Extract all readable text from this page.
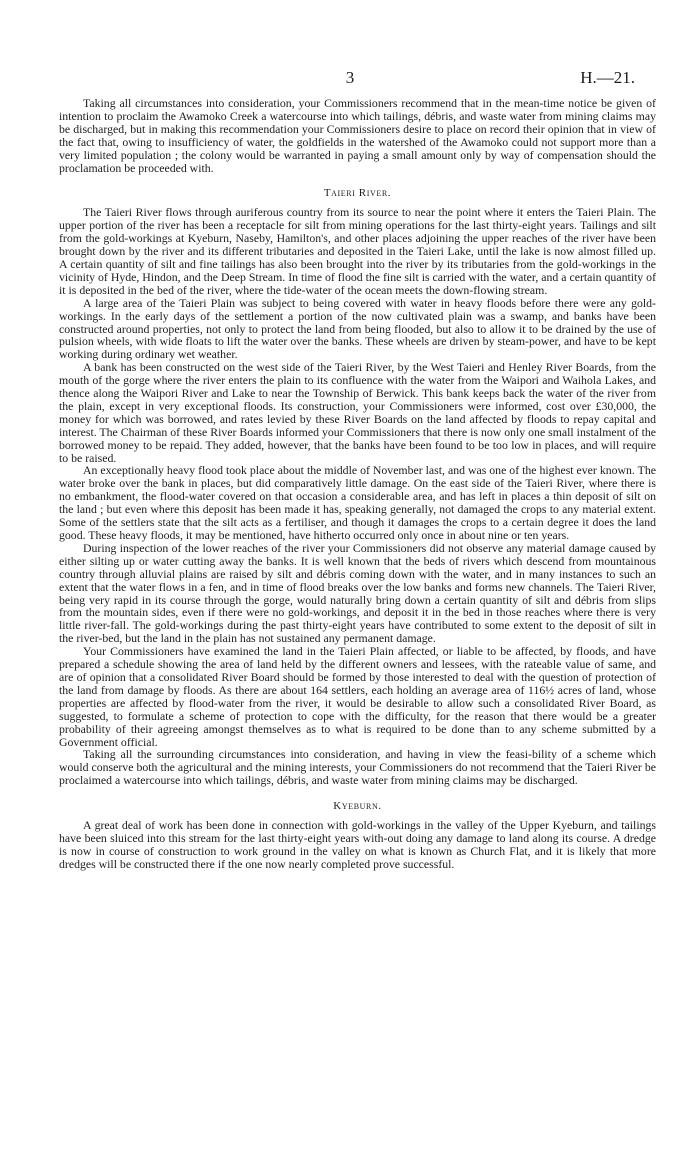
3	H.—21.

Taking all circumstances into consideration, your Commissioners recommend that in the mean-time notice be given of intention to proclaim the Awamoko Creek a watercourse into which tailings, débris, and waste water from mining claims may be discharged, but in making this recommendation your Commissioners desire to place on record their opinion that in view of the fact that, owing to insufficiency of water, the goldfields in the watershed of the Awamoko could not support more than a very limited population ; the colony would be warranted in paying a small amount only by way of compensation should the proclamation be proceeded with.

Taieri River.

The Taieri River flows through auriferous country from its source to near the point where it enters the Taieri Plain. The upper portion of the river has been a receptacle for silt from mining operations for the last thirty-eight years. Tailings and silt from the gold-workings at Kyeburn, Naseby, Hamilton's, and other places adjoining the upper reaches of the river have been brought down by the river and its different tributaries and deposited in the Taieri Lake, until the lake is now almost filled up. A certain quantity of silt and fine tailings has also been brought into the river by its tributaries from the gold-workings in the vicinity of Hyde, Hindon, and the Deep Stream. In time of flood the fine silt is carried with the water, and a certain quantity of it is deposited in the bed of the river, where the tide-water of the ocean meets the down-flowing stream.

A large area of the Taieri Plain was subject to being covered with water in heavy floods before there were any gold-workings. In the early days of the settlement a portion of the now cultivated plain was a swamp, and banks have been constructed around properties, not only to protect the land from being flooded, but also to allow it to be drained by the use of pulsion wheels, with wide floats to lift the water over the banks. These wheels are driven by steam-power, and have to be kept working during ordinary wet weather.

A bank has been constructed on the west side of the Taieri River, by the West Taieri and Henley River Boards, from the mouth of the gorge where the river enters the plain to its confluence with the water from the Waipori and Waihola Lakes, and thence along the Waipori River and Lake to near the Township of Berwick. This bank keeps back the water of the river from the plain, except in very exceptional floods. Its construction, your Commissioners were informed, cost over £30,000, the money for which was borrowed, and rates levied by these River Boards on the land affected by floods to repay capital and interest. The Chairman of these River Boards informed your Commissioners that there is now only one small instalment of the borrowed money to be repaid. They added, however, that the banks have been found to be too low in places, and will require to be raised.

An exceptionally heavy flood took place about the middle of November last, and was one of the highest ever known. The water broke over the bank in places, but did comparatively little damage. On the east side of the Taieri River, where there is no embankment, the flood-water covered on that occasion a considerable area, and has left in places a thin deposit of silt on the land ; but even where this deposit has been made it has, speaking generally, not damaged the crops to any material extent. Some of the settlers state that the silt acts as a fertiliser, and though it damages the crops to a certain degree it does the land good. These heavy floods, it may be mentioned, have hitherto occurred only once in about nine or ten years.

During inspection of the lower reaches of the river your Commissioners did not observe any material damage caused by either silting up or water cutting away the banks. It is well known that the beds of rivers which descend from mountainous country through alluvial plains are raised by silt and débris coming down with the water, and in many instances to such an extent that the water flows in a fen, and in time of flood breaks over the low banks and forms new channels. The Taieri River, being very rapid in its course through the gorge, would naturally bring down a certain quantity of silt and débris from slips from the mountain sides, even if there were no gold-workings, and deposit it in the bed in those reaches where there is very little river-fall. The gold-workings during the past thirty-eight years have contributed to some extent to the deposit of silt in the river-bed, but the land in the plain has not sustained any permanent damage.

Your Commissioners have examined the land in the Taieri Plain affected, or liable to be affected, by floods, and have prepared a schedule showing the area of land held by the different owners and lessees, with the rateable value of same, and are of opinion that a consolidated River Board should be formed by those interested to deal with the question of protection of the land from damage by floods. As there are about 164 settlers, each holding an average area of 116½ acres of land, whose properties are affected by flood-water from the river, it would be desirable to allow such a consolidated River Board, as suggested, to formulate a scheme of protection to cope with the difficulty, for the reason that there would be a greater probability of their agreeing amongst themselves as to what is required to be done than to any scheme submitted by a Government official.

Taking all the surrounding circumstances into consideration, and having in view the feasi-bility of a scheme which would conserve both the agricultural and the mining interests, your Commissioners do not recommend that the Taieri River be proclaimed a watercourse into which tailings, débris, and waste water from mining claims may be discharged.

Kyeburn.

A great deal of work has been done in connection with gold-workings in the valley of the Upper Kyeburn, and tailings have been sluiced into this stream for the last thirty-eight years with-out doing any damage to land along its course. A dredge is now in course of construction to work ground in the valley on what is known as Church Flat, and it is likely that more dredges will be constructed there if the one now nearly completed prove successful.
